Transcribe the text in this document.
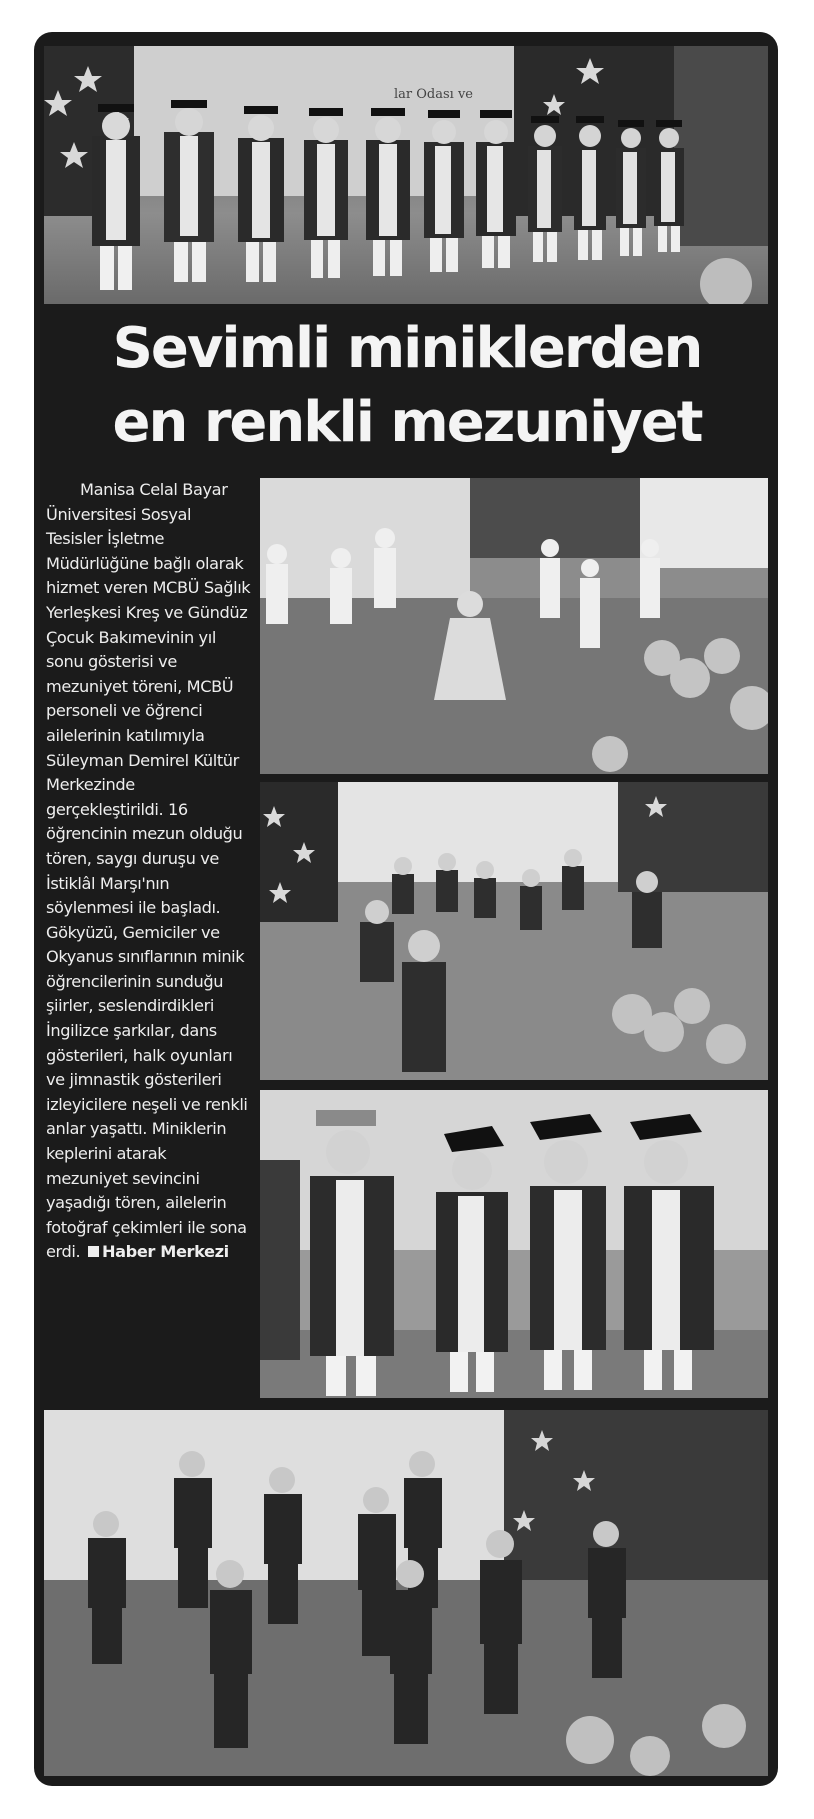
lar Odası ve
Sevimli miniklerden
en renkli mezuniyet
Manisa Celal Bayar Üniversitesi Sosyal Tesisler İşletme Müdürlüğüne bağlı olarak hizmet veren MCBÜ Sağlık Yerleşkesi Kreş ve Gündüz Çocuk Bakımevinin yıl sonu gösterisi ve mezuniyet töreni, MCBÜ personeli ve öğrenci ailelerinin katılımıyla Süleyman Demirel Kültür Merkezinde gerçekleştirildi. 16 öğrencinin mezun olduğu tören, saygı duruşu ve İstiklâl Marşı'nın söylenmesi ile başladı. Gökyüzü, Gemiciler ve Okyanus sınıflarının minik öğrencilerinin sunduğu şiirler, seslendirdikleri İngilizce şarkılar, dans gösterileri, halk oyunları ve jimnastik gösterileri izleyicilere neşeli ve renkli anlar yaşattı. Miniklerin keplerini atarak mezuniyet sevincini yaşadığı tören, ailelerin fotoğraf çekimleri ile sona erdi. Haber Merkezi
